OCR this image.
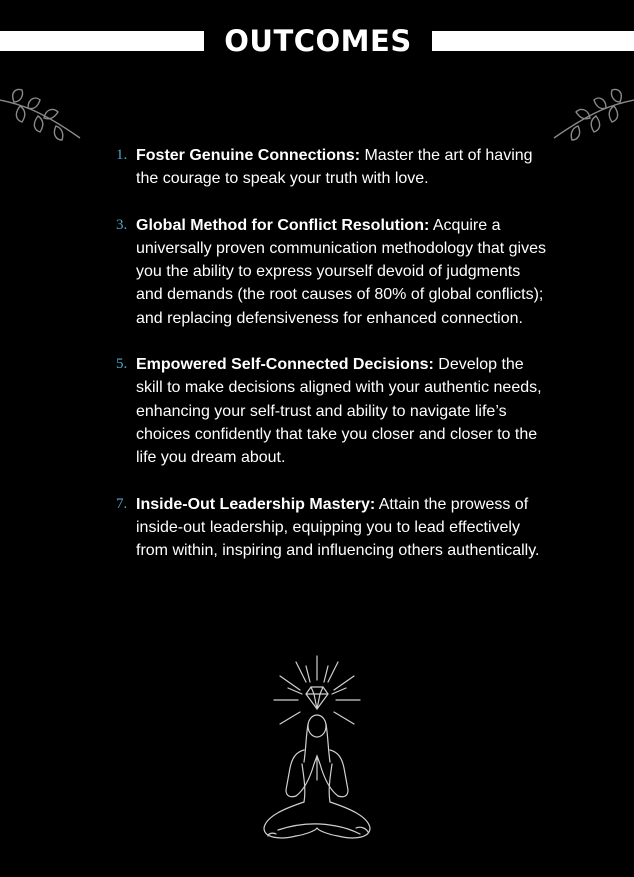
OUTCOMES
1. Foster Genuine Connections: Master the art of having the courage to speak your truth with love.
3. Global Method for Conflict Resolution: Acquire a universally proven communication methodology that gives you the ability to express yourself devoid of judgments and demands (the root causes of 80% of global conflicts); and replacing defensiveness for enhanced connection.
5. Empowered Self-Connected Decisions: Develop the skill to make decisions aligned with your authentic needs, enhancing your self-trust and ability to navigate life’s choices confidently that take you closer and closer to the life you dream about.
7. Inside-Out Leadership Mastery: Attain the prowess of inside-out leadership, equipping you to lead effectively from within, inspiring and influencing others authentically.
